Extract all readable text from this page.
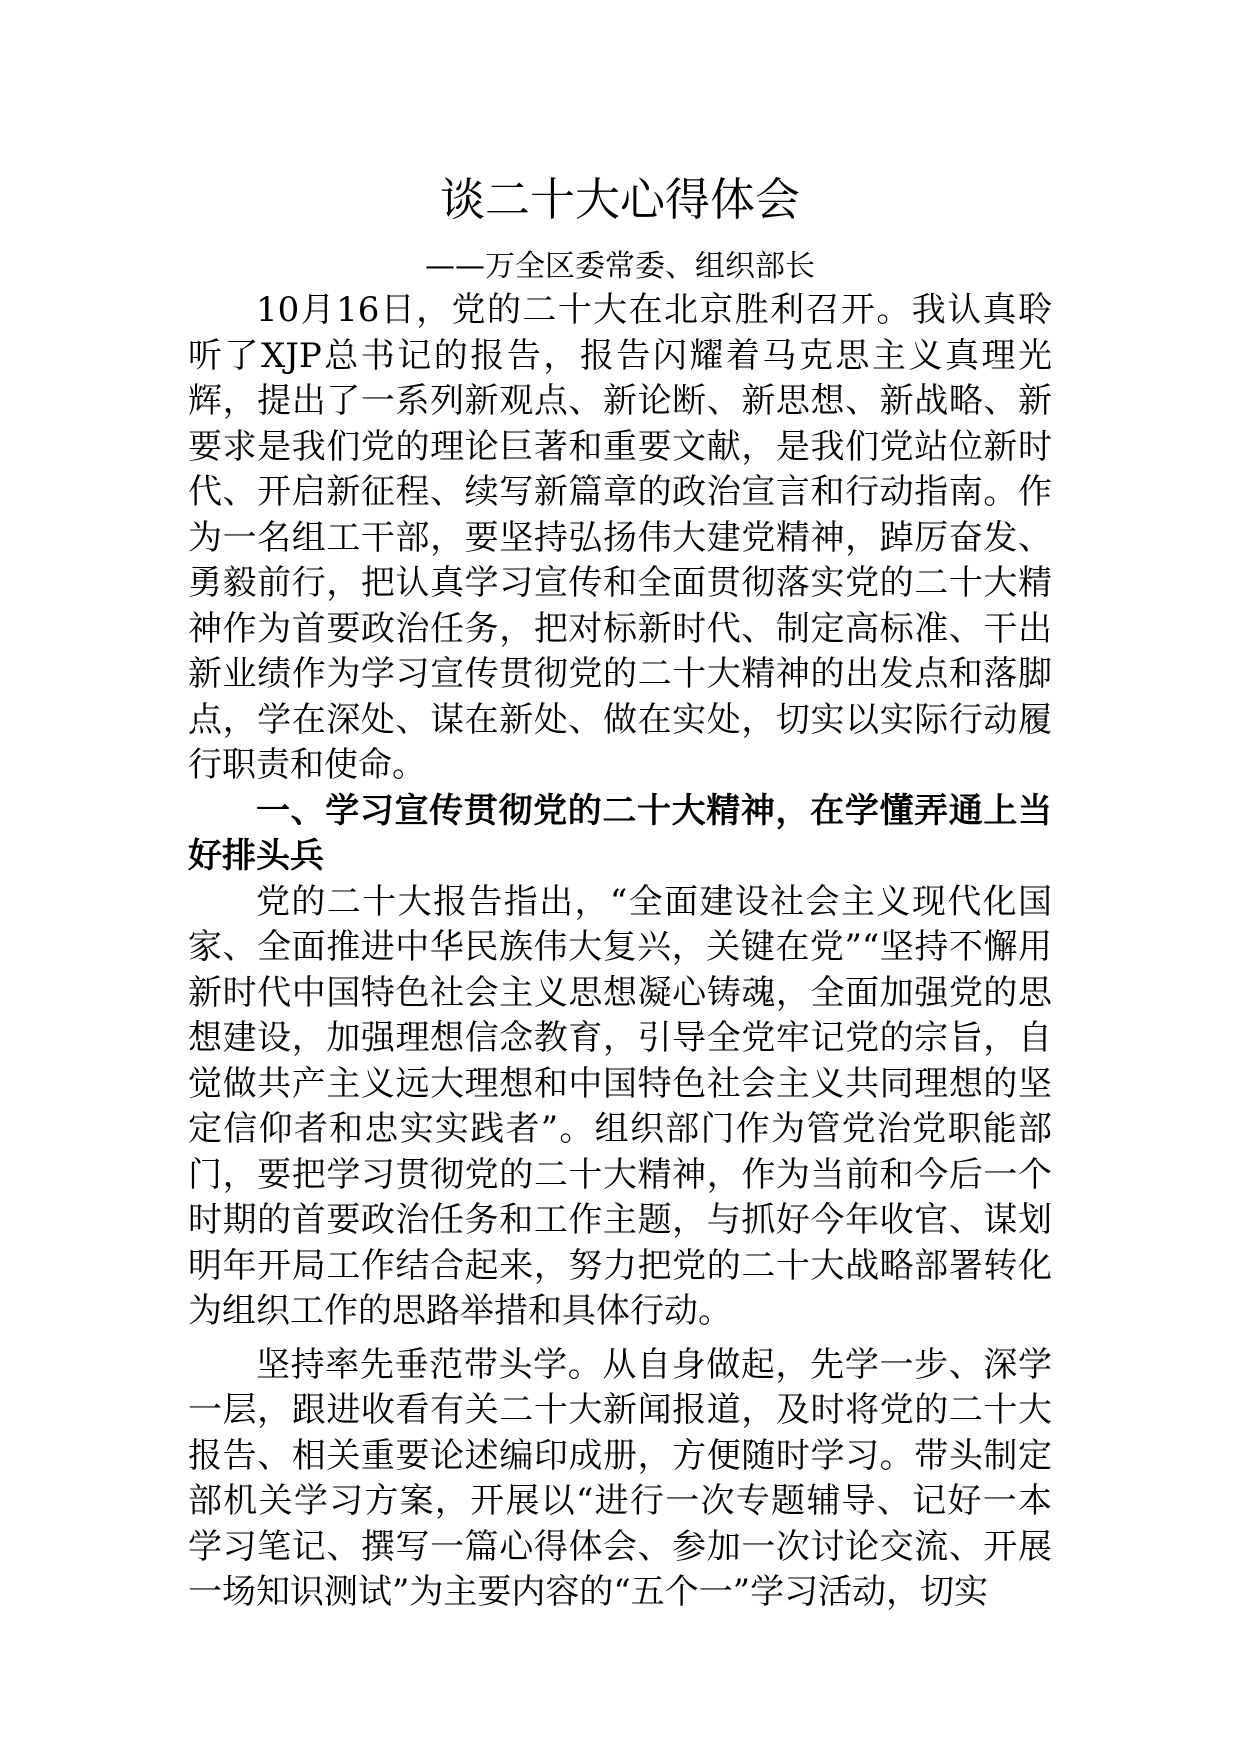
谈二十大心得体会
——万全区委常委、组织部长

10月16日，党的二十大在北京胜利召开。我认真聆听了XJP总书记的报告，报告闪耀着马克思主义真理光辉，提出了一系列新观点、新论断、新思想、新战略、新要求是我们党的理论巨著和重要文献，是我们党站位新时代、开启新征程、续写新篇章的政治宣言和行动指南。作为一名组工干部，要坚持弘扬伟大建党精神，踔厉奋发、勇毅前行，把认真学习宣传和全面贯彻落实党的二十大精神作为首要政治任务，把对标新时代、制定高标准、干出新业绩作为学习宣传贯彻党的二十大精神的出发点和落脚点，学在深处、谋在新处、做在实处，切实以实际行动履行职责和使命。

一、学习宣传贯彻党的二十大精神，在学懂弄通上当好排头兵

党的二十大报告指出，“全面建设社会主义现代化国家、全面推进中华民族伟大复兴，关键在党”“坚持不懈用新时代中国特色社会主义思想凝心铸魂，全面加强党的思想建设，加强理想信念教育，引导全党牢记党的宗旨，自觉做共产主义远大理想和中国特色社会主义共同理想的坚定信仰者和忠实实践者”。组织部门作为管党治党职能部门，要把学习贯彻党的二十大精神，作为当前和今后一个时期的首要政治任务和工作主题，与抓好今年收官、谋划明年开局工作结合起来，努力把党的二十大战略部署转化为组织工作的思路举措和具体行动。

坚持率先垂范带头学。从自身做起，先学一步、深学一层，跟进收看有关二十大新闻报道，及时将党的二十大报告、相关重要论述编印成册，方便随时学习。带头制定部机关学习方案，开展以“进行一次专题辅导、记好一本学习笔记、撰写一篇心得体会、参加一次讨论交流、开展一场知识测试”为主要内容的“五个一”学习活动，切实
